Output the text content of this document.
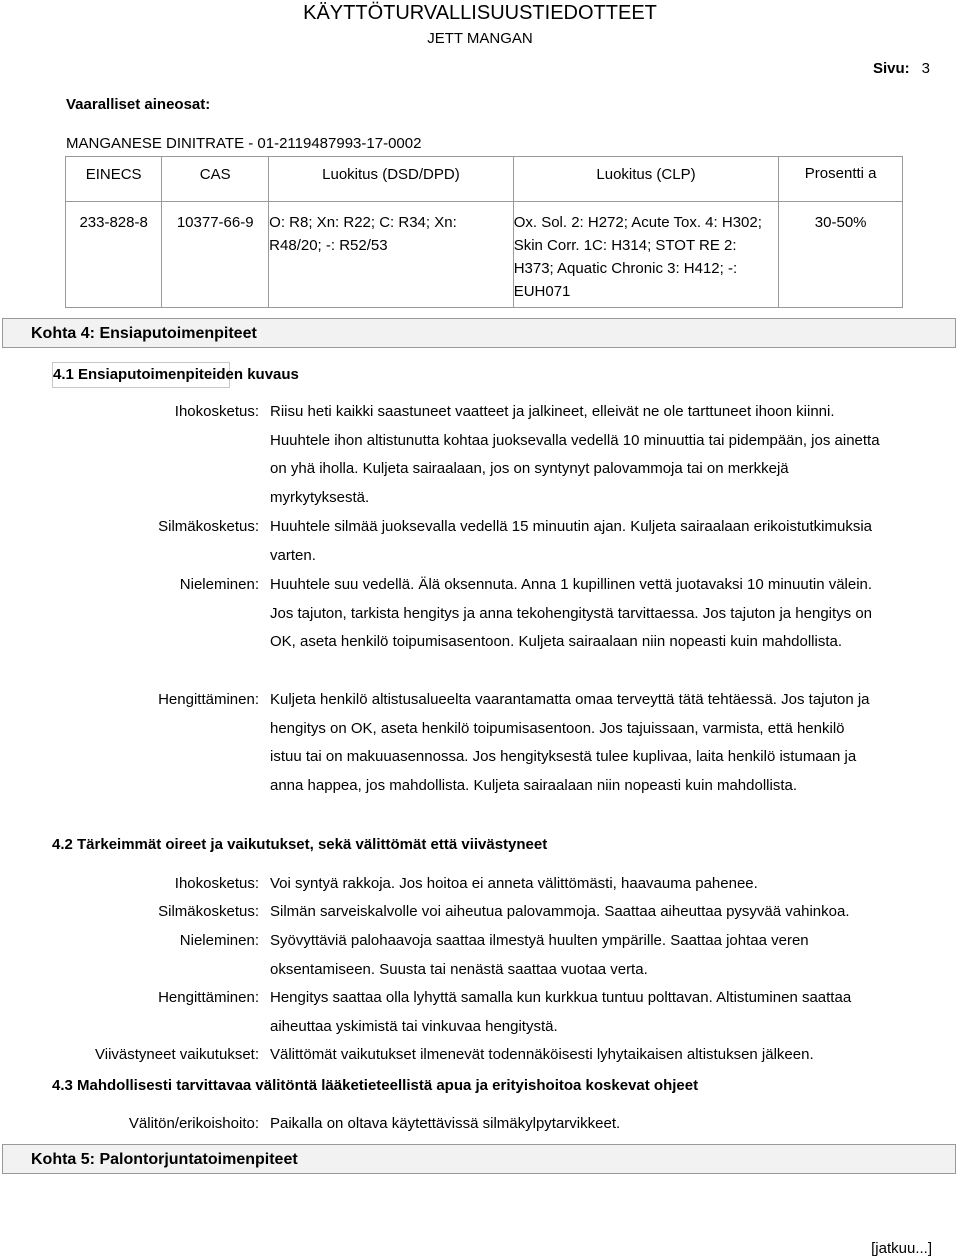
KÄYTTÖTURVALLISUUSTIEDOTTEET
JETT MANGAN
Sivu: 3
Vaaralliset aineosat:
MANGANESE DINITRATE - 01-2119487993-17-0002
EINECS	CAS	Luokitus (DSD/DPD)	Luokitus (CLP)	Prosentti a
233-828-8	10377-66-9	O: R8; Xn: R22; C: R34; Xn: R48/20; -: R52/53	Ox. Sol. 2: H272; Acute Tox. 4: H302; Skin Corr. 1C: H314; STOT RE 2: H373; Aquatic Chronic 3: H412; -: EUH071	30-50%
Kohta 4: Ensiaputoimenpiteet
4.1 Ensiaputoimenpiteiden kuvaus
Ihokosketus: Riisu heti kaikki saastuneet vaatteet ja jalkineet, elleivät ne ole tarttuneet ihoon kiinni. Huuhtele ihon altistunutta kohtaa juoksevalla vedellä 10 minuuttia tai pidempään, jos ainetta on yhä iholla. Kuljeta sairaalaan, jos on syntynyt palovammoja tai on merkkejä myrkytyksestä.
Silmäkosketus: Huuhtele silmää juoksevalla vedellä 15 minuutin ajan. Kuljeta sairaalaan erikoistutkimuksia varten.
Nieleminen: Huuhtele suu vedellä. Älä oksennuta. Anna 1 kupillinen vettä juotavaksi 10 minuutin välein. Jos tajuton, tarkista hengitys ja anna tekohengitystä tarvittaessa. Jos tajuton ja hengitys on OK, aseta henkilö toipumisasentoon. Kuljeta sairaalaan niin nopeasti kuin mahdollista.
Hengittäminen: Kuljeta henkilö altistusalueelta vaarantamatta omaa terveyttä tätä tehtäessä. Jos tajuton ja hengitys on OK, aseta henkilö toipumisasentoon. Jos tajuissaan, varmista, että henkilö istuu tai on makuuasennossa. Jos hengityksestä tulee kuplivaa, laita henkilö istumaan ja anna happea, jos mahdollista. Kuljeta sairaalaan niin nopeasti kuin mahdollista.
4.2 Tärkeimmät oireet ja vaikutukset, sekä välittömät että viivästyneet
Ihokosketus: Voi syntyä rakkoja. Jos hoitoa ei anneta välittömästi, haavauma pahenee.
Silmäkosketus: Silmän sarveiskalvolle voi aiheutua palovammoja. Saattaa aiheuttaa pysyvää vahinkoa.
Nieleminen: Syövyttäviä palohaavoja saattaa ilmestyä huulten ympärille. Saattaa johtaa veren oksentamiseen. Suusta tai nenästä saattaa vuotaa verta.
Hengittäminen: Hengitys saattaa olla lyhyttä samalla kun kurkkua tuntuu polttavan. Altistuminen saattaa aiheuttaa yskimistä tai vinkuvaa hengitystä.
Viivästyneet vaikutukset: Välittömät vaikutukset ilmenevät todennäköisesti lyhytaikaisen altistuksen jälkeen.
4.3 Mahdollisesti tarvittavaa välitöntä lääketieteellistä apua ja erityishoitoa koskevat ohjeet
Välitön/erikoishoito: Paikalla on oltava käytettävissä silmäkylpytarvikkeet.
Kohta 5: Palontorjuntatoimenpiteet
[jatkuu...]
